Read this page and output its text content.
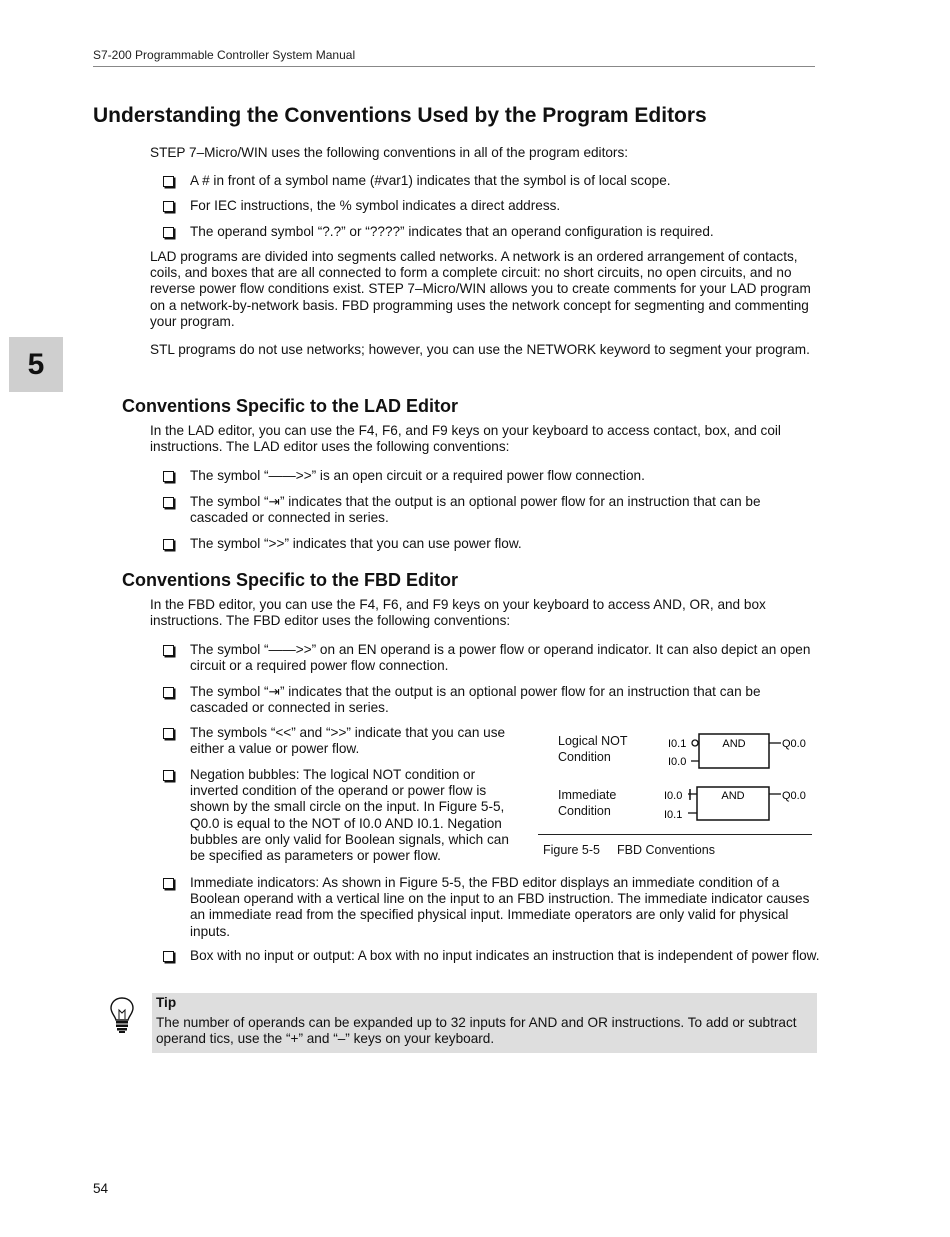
S7-200 Programmable Controller System Manual
5
Understanding the Conventions Used by the Program Editors
STEP 7–Micro/WIN uses the following conventions in all of the program editors:
A # in front of a symbol name (#var1) indicates that the symbol is of local scope.
For IEC instructions, the % symbol indicates a direct address.
The operand symbol “?.?” or “????” indicates that an operand configuration is required.
LAD programs are divided into segments called networks. A network is an ordered arrangement of contacts, coils, and boxes that are all connected to form a complete circuit: no short circuits, no open circuits, and no reverse power flow conditions exist. STEP 7–Micro/WIN allows you to create comments for your LAD program on a network-by-network basis. FBD programming uses the network concept for segmenting and commenting your program.
STL programs do not use networks; however, you can use the NETWORK keyword to segment your program.
Conventions Specific to the LAD Editor
In the LAD editor, you can use the F4, F6, and F9 keys on your keyboard to access contact, box, and coil instructions. The LAD editor uses the following conventions:
The symbol “——>>” is an open circuit or a required power flow connection.
The symbol “⇥” indicates that the output is an optional power flow for an instruction that can be cascaded or connected in series.
The symbol “>>” indicates that you can use power flow.
Conventions Specific to the FBD Editor
In the FBD editor, you can use the F4, F6, and F9 keys on your keyboard to access AND, OR, and box instructions. The FBD editor uses the following conventions:
The symbol “——>>” on an EN operand is a power flow or operand indicator. It can also depict an open circuit or a required power flow connection.
The symbol “⇥” indicates that the output is an optional power flow for an instruction that can be cascaded or connected in series.
The symbols “<<” and “>>” indicate that you can use either a value or power flow.
Negation bubbles: The logical NOT condition or inverted condition of the operand or power flow is shown by the small circle on the input. In Figure 5-5, Q0.0 is equal to the NOT of I0.0 AND I0.1. Negation bubbles are only valid for Boolean signals, which can be specified as parameters or power flow.
Logical NOT Condition
Immediate Condition
AND
I0.1
I0.0
Q0.0
AND
I0.0
I0.1
Q0.0
Figure 5-5 FBD Conventions
Immediate indicators: As shown in Figure 5-5, the FBD editor displays an immediate condition of a Boolean operand with a vertical line on the input to an FBD instruction. The immediate indicator causes an immediate read from the specified physical input. Immediate operators are only valid for physical inputs.
Box with no input or output: A box with no input indicates an instruction that is independent of power flow.
Tip
The number of operands can be expanded up to 32 inputs for AND and OR instructions. To add or subtract operand tics, use the “+” and “–” keys on your keyboard.
54
